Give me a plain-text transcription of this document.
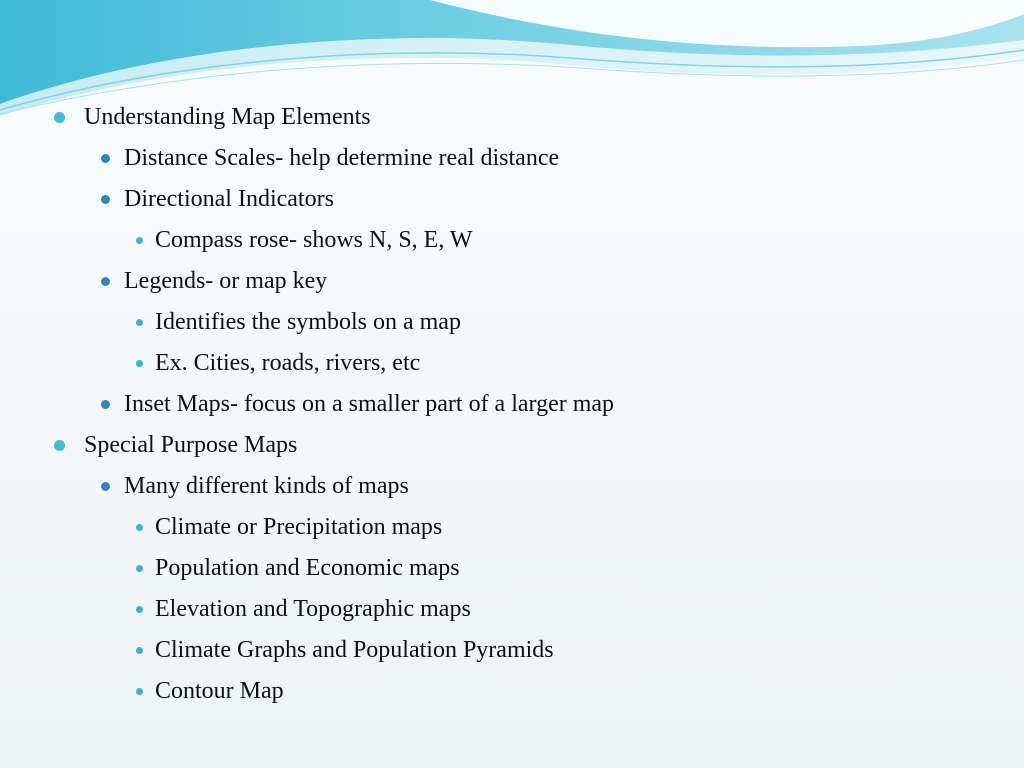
Understanding Map Elements
Distance Scales- help determine real distance
Directional Indicators
Compass rose- shows N, S, E, W
Legends- or map key
Identifies the symbols on a map
Ex. Cities, roads, rivers, etc
Inset Maps- focus on a smaller part of a larger map
Special Purpose Maps
Many different kinds of maps
Climate or Precipitation maps
Population and Economic maps
Elevation and Topographic maps
Climate Graphs and Population Pyramids
Contour Map
